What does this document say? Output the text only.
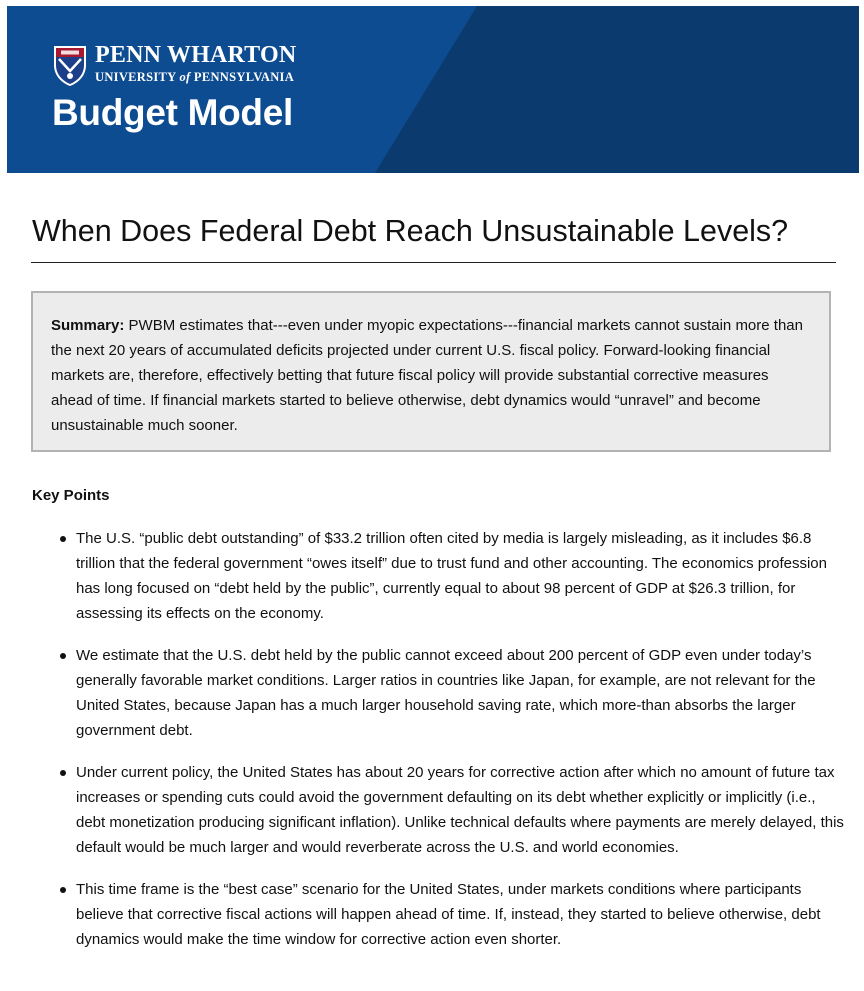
PENN WHARTON
UNIVERSITY of PENNSYLVANIA
Budget Model
When Does Federal Debt Reach Unsustainable Levels?

Summary: PWBM estimates that---even under myopic expectations---financial markets cannot sustain more than the next 20 years of accumulated deficits projected under current U.S. fiscal policy. Forward-looking financial markets are, therefore, effectively betting that future fiscal policy will provide substantial corrective measures ahead of time. If financial markets started to believe otherwise, debt dynamics would “unravel” and become unsustainable much sooner.

Key Points
The U.S. “public debt outstanding” of $33.2 trillion often cited by media is largely misleading, as it includes $6.8 trillion that the federal government “owes itself” due to trust fund and other accounting. The economics profession has long focused on “debt held by the public”, currently equal to about 98 percent of GDP at $26.3 trillion, for assessing its effects on the economy.
We estimate that the U.S. debt held by the public cannot exceed about 200 percent of GDP even under today’s generally favorable market conditions. Larger ratios in countries like Japan, for example, are not relevant for the United States, because Japan has a much larger household saving rate, which more-than absorbs the larger government debt.
Under current policy, the United States has about 20 years for corrective action after which no amount of future tax increases or spending cuts could avoid the government defaulting on its debt whether explicitly or implicitly (i.e., debt monetization producing significant inflation). Unlike technical defaults where payments are merely delayed, this default would be much larger and would reverberate across the U.S. and world economies.
This time frame is the “best case” scenario for the United States, under markets conditions where participants believe that corrective fiscal actions will happen ahead of time. If, instead, they started to believe otherwise, debt dynamics would make the time window for corrective action even shorter.
